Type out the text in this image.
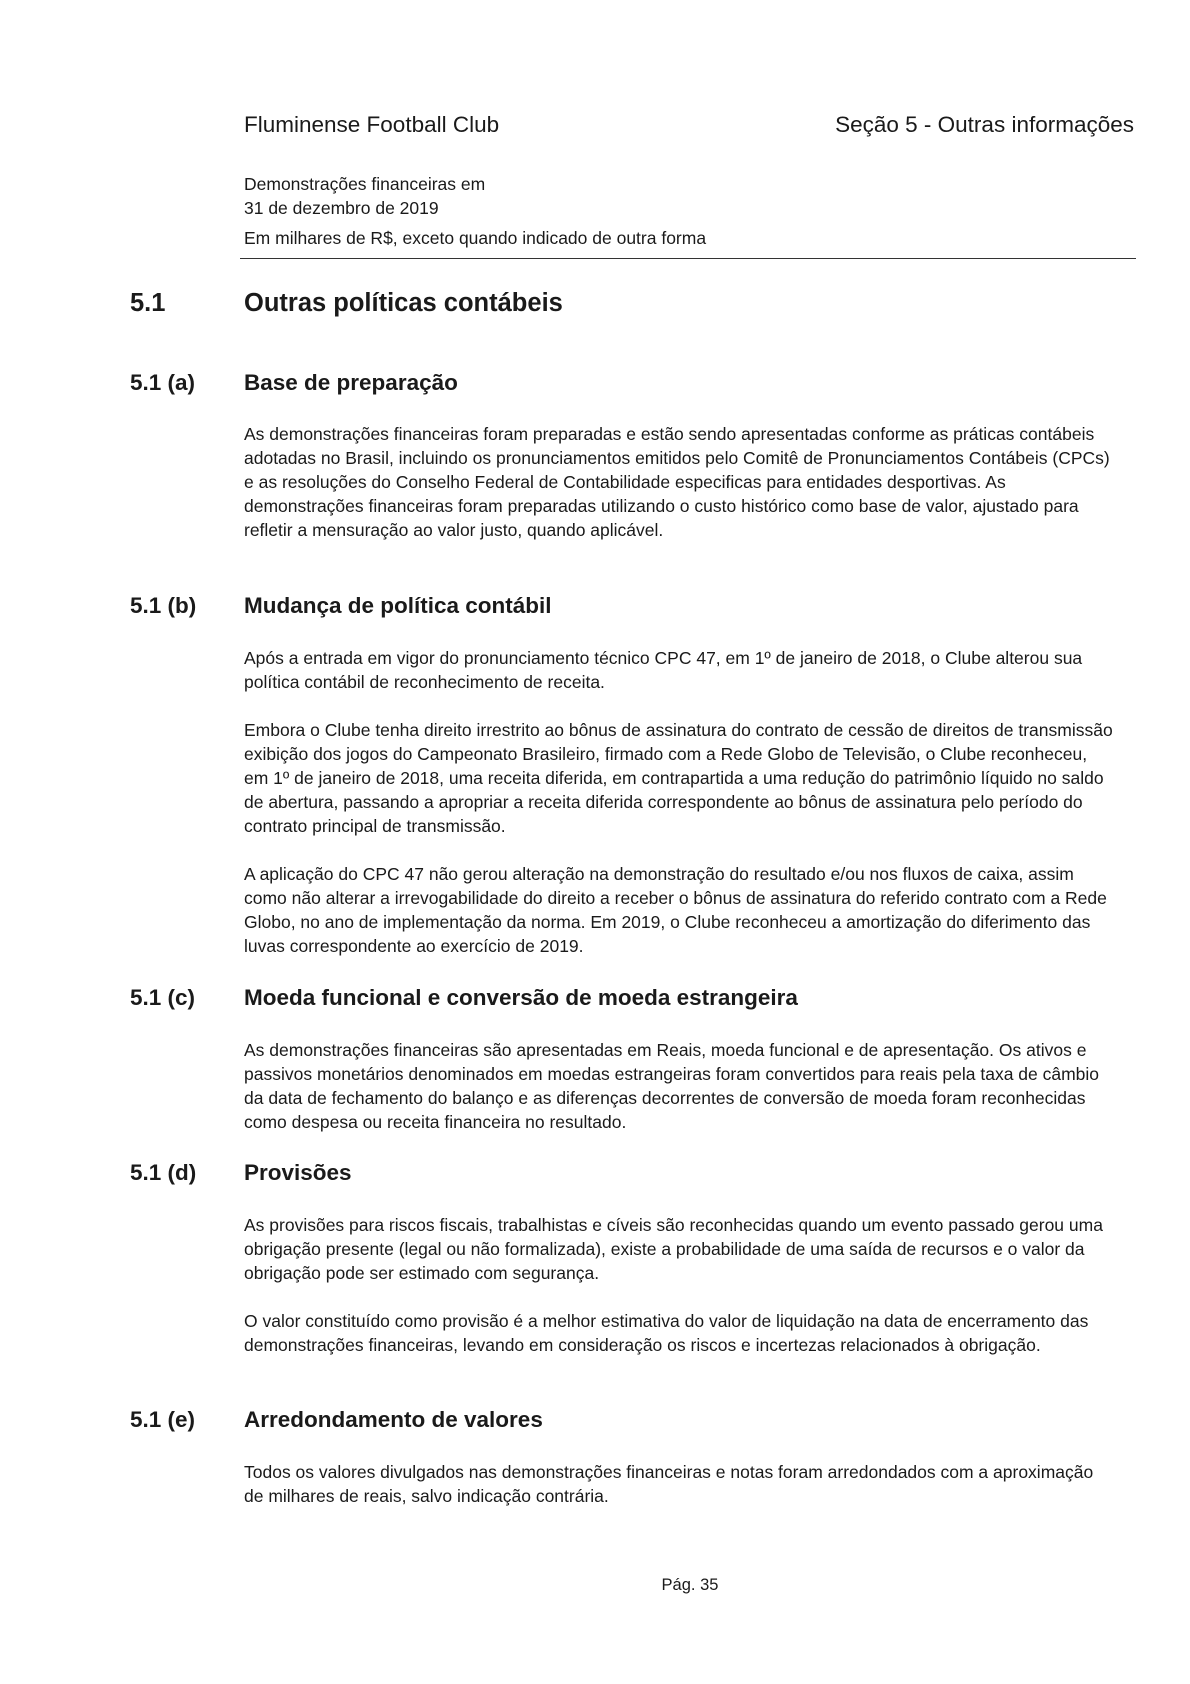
Fluminense Football Club	Seção 5 - Outras informações
Demonstrações financeiras em
31 de dezembro de 2019
Em milhares de R$, exceto quando indicado de outra forma
5.1	Outras políticas contábeis
5.1 (a) Base de preparação

As demonstrações financeiras foram preparadas e estão sendo apresentadas conforme as práticas contábeis adotadas no Brasil, incluindo os pronunciamentos emitidos pelo Comitê de Pronunciamentos Contábeis (CPCs) e as resoluções do Conselho Federal de Contabilidade especificas para entidades desportivas. As demonstrações financeiras foram preparadas utilizando o custo histórico como base de valor, ajustado para refletir a mensuração ao valor justo, quando aplicável.

5.1 (b) Mudança de política contábil

Após a entrada em vigor do pronunciamento técnico CPC 47, em 1º de janeiro de 2018, o Clube alterou sua política contábil de reconhecimento de receita.

Embora o Clube tenha direito irrestrito ao bônus de assinatura do contrato de cessão de direitos de transmissão exibição dos jogos do Campeonato Brasileiro, firmado com a Rede Globo de Televisão, o Clube reconheceu, em 1º de janeiro de 2018, uma receita diferida, em contrapartida a uma redução do patrimônio líquido no saldo de abertura, passando a apropriar a receita diferida correspondente ao bônus de assinatura pelo período do contrato principal de transmissão.

A aplicação do CPC 47 não gerou alteração na demonstração do resultado e/ou nos fluxos de caixa, assim como não alterar a irrevogabilidade do direito a receber o bônus de assinatura do referido contrato com a Rede Globo, no ano de implementação da norma. Em 2019, o Clube reconheceu a amortização do diferimento das luvas correspondente ao exercício de 2019.

5.1 (c) Moeda funcional e conversão de moeda estrangeira

As demonstrações financeiras são apresentadas em Reais, moeda funcional e de apresentação. Os ativos e passivos monetários denominados em moedas estrangeiras foram convertidos para reais pela taxa de câmbio da data de fechamento do balanço e as diferenças decorrentes de conversão de moeda foram reconhecidas como despesa ou receita financeira no resultado.

5.1 (d) Provisões

As provisões para riscos fiscais, trabalhistas e cíveis são reconhecidas quando um evento passado gerou uma obrigação presente (legal ou não formalizada), existe a probabilidade de uma saída de recursos e o valor da obrigação pode ser estimado com segurança.

O valor constituído como provisão é a melhor estimativa do valor de liquidação na data de encerramento das demonstrações financeiras, levando em consideração os riscos e incertezas relacionados à obrigação.

5.1 (e) Arredondamento de valores

Todos os valores divulgados nas demonstrações financeiras e notas foram arredondados com a aproximação de milhares de reais, salvo indicação contrária.

Pág. 35
